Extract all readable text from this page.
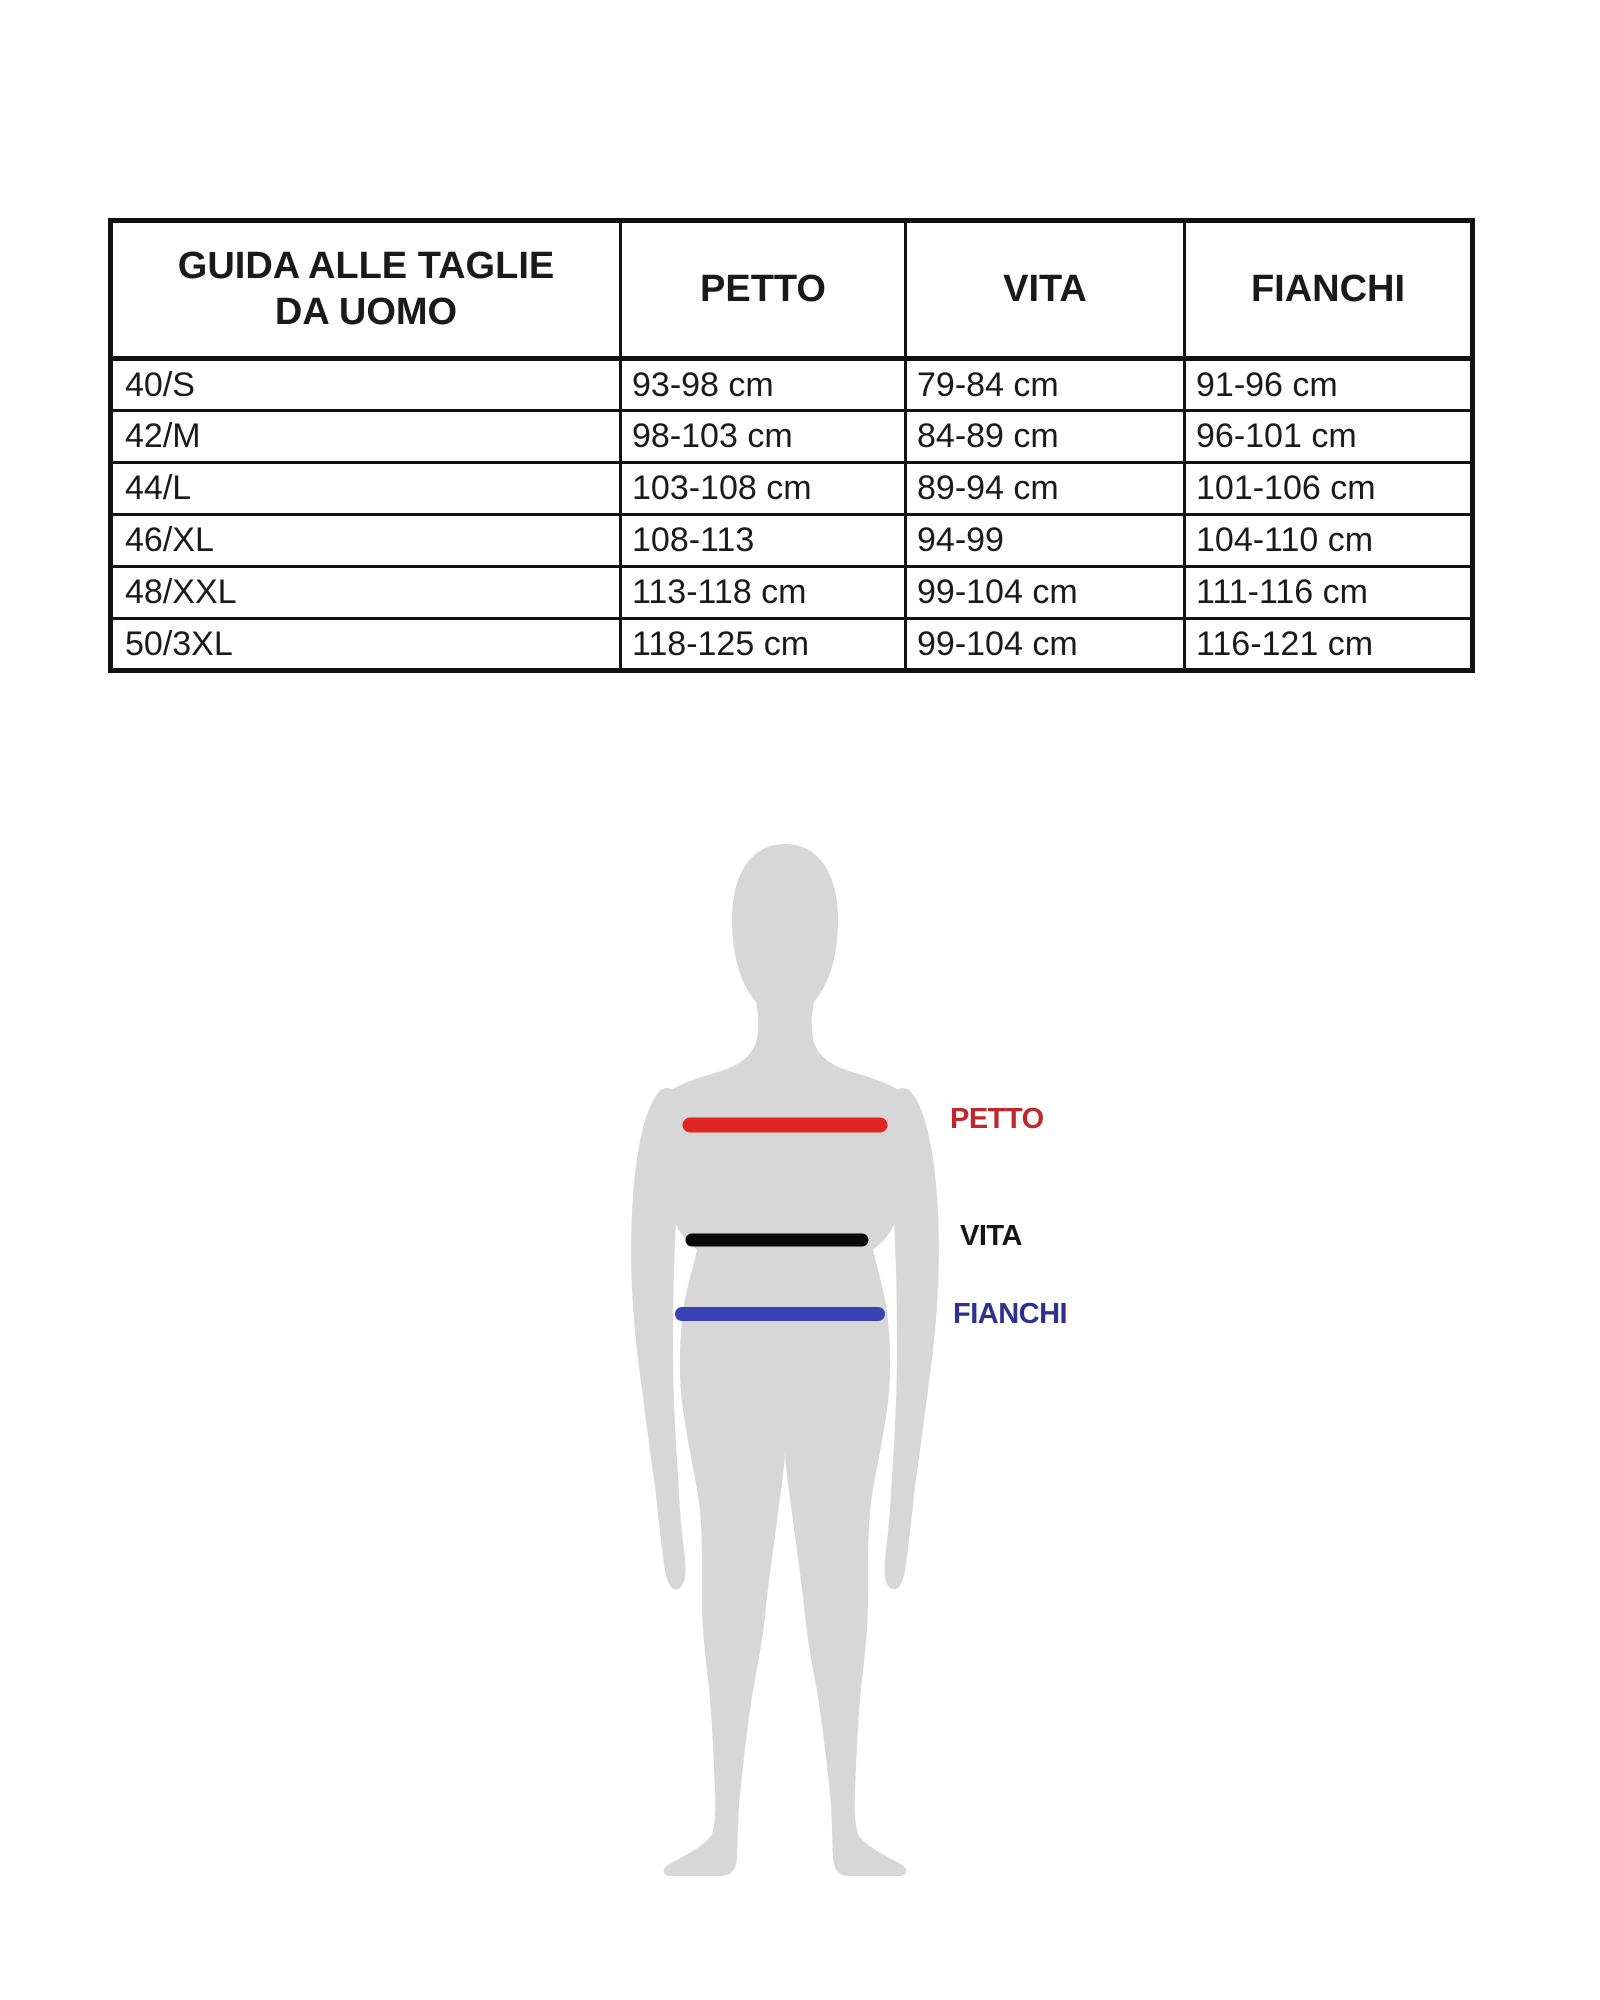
GUIDA ALLE TAGLIE DA UOMO	PETTO	VITA	FIANCHI
40/S	93-98 cm	79-84 cm	91-96 cm
42/M	98-103 cm	84-89 cm	96-101 cm
44/L	103-108 cm	89-94 cm	101-106 cm
46/XL	108-113	94-99	104-110 cm
48/XXL	113-118 cm	99-104 cm	111-116 cm
50/3XL	118-125 cm	99-104 cm	116-121 cm
PETTO
VITA
FIANCHI
